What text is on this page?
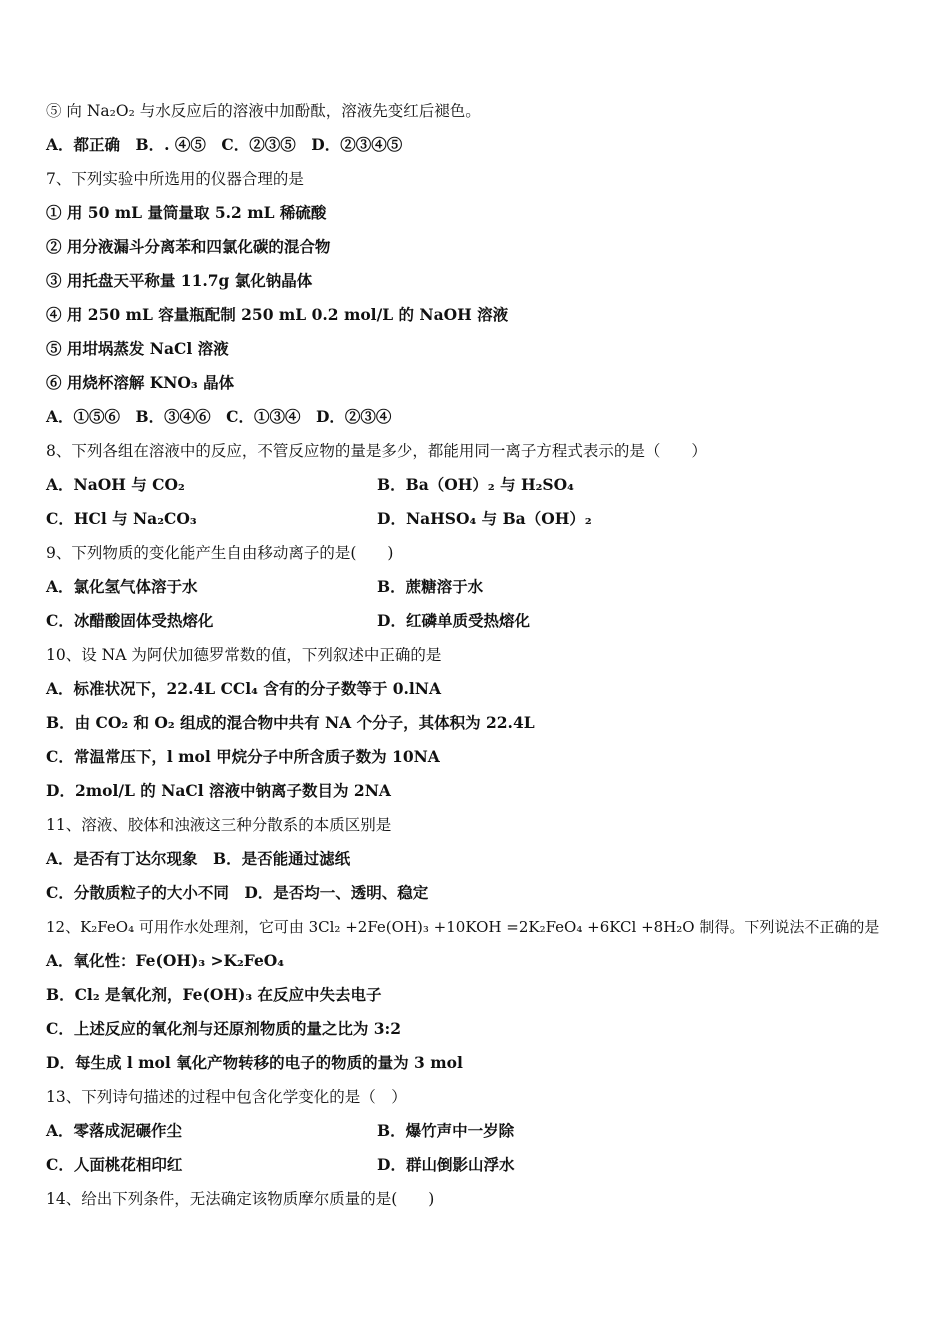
⑤ 向 Na₂O₂ 与水反应后的溶液中加酚酞，溶液先变红后褪色。
A．都正确　B．. ④⑤　C．②③⑤　D．②③④⑤
7、下列实验中所选用的仪器合理的是
① 用 50 mL 量筒量取 5.2 mL 稀硫酸
② 用分液漏斗分离苯和四氯化碳的混合物
③ 用托盘天平称量 11.7g 氯化钠晶体
④ 用 250 mL 容量瓶配制 250 mL 0.2 mol/L 的 NaOH 溶液
⑤ 用坩埚蒸发 NaCl 溶液
⑥ 用烧杯溶解 KNO₃ 晶体
A．①⑤⑥　B．③④⑥　C．①③④　D．②③④
8、下列各组在溶液中的反应，不管反应物的量是多少，都能用同一离子方程式表示的是（　　）
A．NaOH 与 CO₂	B．Ba（OH）₂ 与 H₂SO₄
C．HCl 与 Na₂CO₃	D．NaHSO₄ 与 Ba（OH）₂
9、下列物质的变化能产生自由移动离子的是(　　)
A．氯化氢气体溶于水	B．蔗糖溶于水
C．冰醋酸固体受热熔化	D．红磷单质受热熔化
10、设 NA 为阿伏加德罗常数的值，下列叙述中正确的是
A．标准状况下，22.4L CCl₄ 含有的分子数等于 0.lNA
B．由 CO₂ 和 O₂ 组成的混合物中共有 NA 个分子，其体积为 22.4L
C．常温常压下，l mol 甲烷分子中所含质子数为 10NA
D．2mol/L 的 NaCl 溶液中钠离子数目为 2NA
11、溶液、胶体和浊液这三种分散系的本质区别是
A．是否有丁达尔现象　B．是否能通过滤纸
C．分散质粒子的大小不同　D．是否均一、透明、稳定
12、K₂FeO₄ 可用作水处理剂，它可由 3Cl₂ +2Fe(OH)₃ +10KOH =2K₂FeO₄ +6KCl +8H₂O 制得。下列说法不正确的是
A．氧化性：Fe(OH)₃ >K₂FeO₄
B．Cl₂ 是氧化剂，Fe(OH)₃ 在反应中失去电子
C．上述反应的氧化剂与还原剂物质的量之比为 3:2
D．每生成 l mol 氧化产物转移的电子的物质的量为 3 mol
13、下列诗句描述的过程中包含化学变化的是（　）
A．零落成泥碾作尘	B．爆竹声中一岁除
C．人面桃花相印红	D．群山倒影山浮水
14、给出下列条件，无法确定该物质摩尔质量的是(　　)
